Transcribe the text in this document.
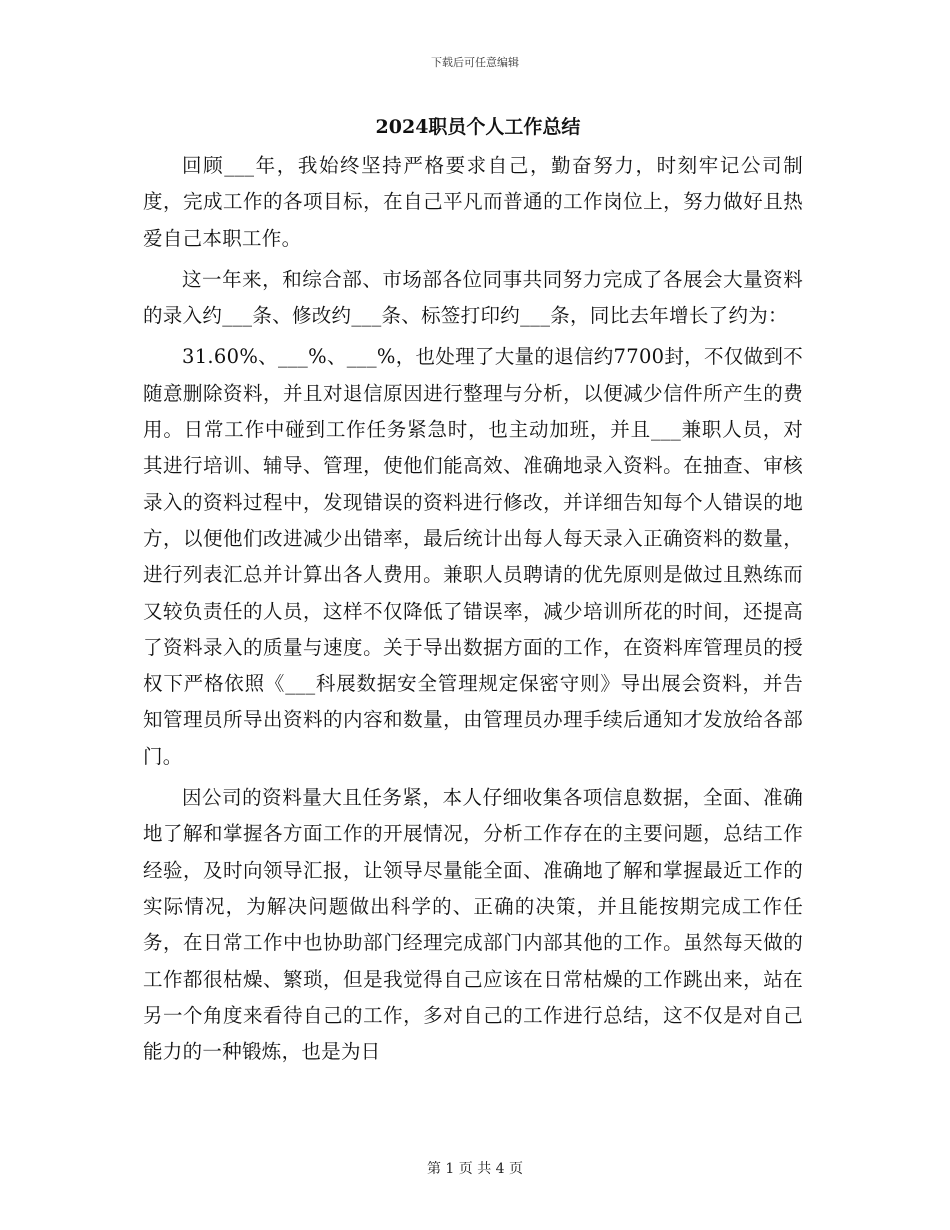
下载后可任意编辑
2024职员个人工作总结

回顾___年，我始终坚持严格要求自己，勤奋努力，时刻牢记公司制度，完成工作的各项目标，在自己平凡而普通的工作岗位上，努力做好且热爱自己本职工作。

这一年来，和综合部、市场部各位同事共同努力完成了各展会大量资料的录入约___条、修改约___条、标签打印约___条，同比去年增长了约为：

31.60%、___%、___%，也处理了大量的退信约7700封，不仅做到不随意删除资料，并且对退信原因进行整理与分析，以便减少信件所产生的费用。日常工作中碰到工作任务紧急时，也主动加班，并且___兼职人员，对其进行培训、辅导、管理，使他们能高效、准确地录入资料。在抽查、审核录入的资料过程中，发现错误的资料进行修改，并详细告知每个人错误的地方，以便他们改进减少出错率，最后统计出每人每天录入正确资料的数量，进行列表汇总并计算出各人费用。兼职人员聘请的优先原则是做过且熟练而又较负责任的人员，这样不仅降低了错误率，减少培训所花的时间，还提高了资料录入的质量与速度。关于导出数据方面的工作，在资料库管理员的授权下严格依照《___科展数据安全管理规定保密守则》导出展会资料，并告知管理员所导出资料的内容和数量，由管理员办理手续后通知才发放给各部门。

因公司的资料量大且任务紧，本人仔细收集各项信息数据，全面、准确地了解和掌握各方面工作的开展情况，分析工作存在的主要问题，总结工作经验，及时向领导汇报，让领导尽量能全面、准确地了解和掌握最近工作的实际情况，为解决问题做出科学的、正确的决策，并且能按期完成工作任务，在日常工作中也协助部门经理完成部门内部其他的工作。虽然每天做的工作都很枯燥、繁琐，但是我觉得自己应该在日常枯燥的工作跳出来，站在另一个角度来看待自己的工作，多对自己的工作进行总结，这不仅是对自己能力的一种锻炼，也是为日

第 1 页 共 4 页
